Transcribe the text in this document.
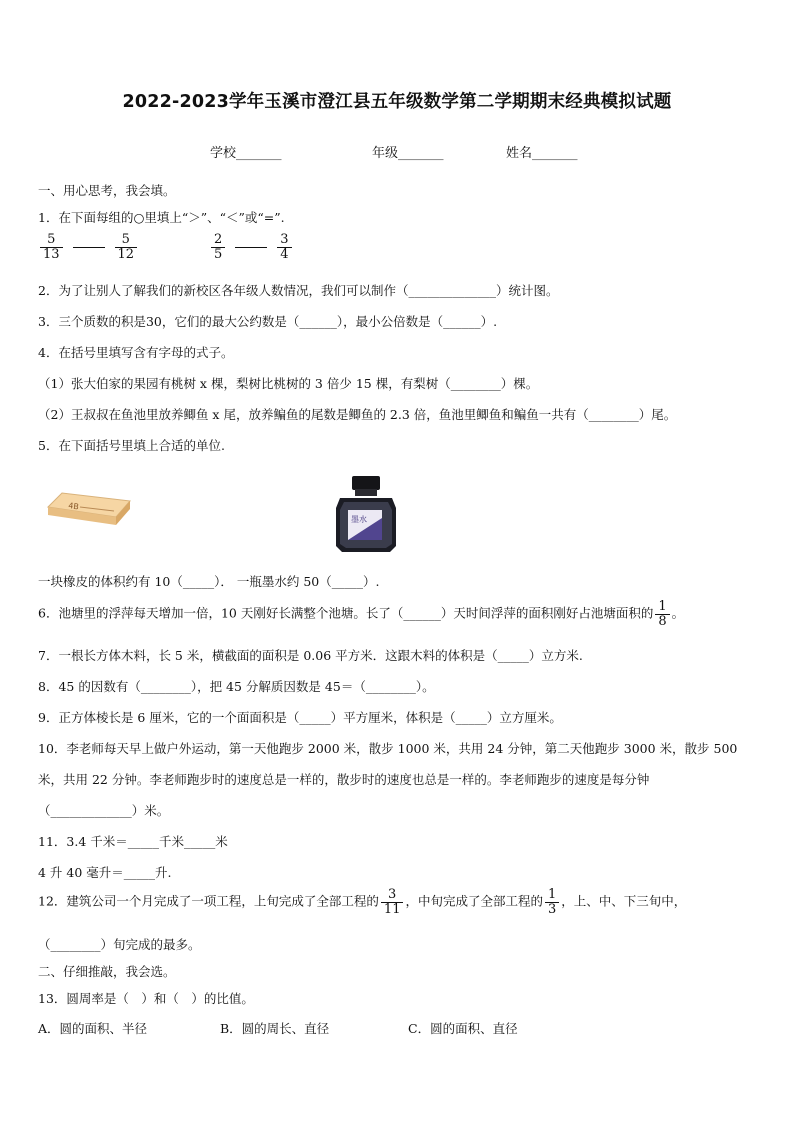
2022-2023学年玉溪市澄江县五年级数学第二学期期末经典模拟试题
学校_______	年级_______	姓名_______
一、用心思考，我会填。
1．在下面每组的○里填上“＞”、“＜”或“=”.
$\frac{5}{13}$
	$\frac{5}{12}$
	$\frac{2}{5}$
	$\frac{3}{4}$
2．为了让别人了解我们的新校区各年级人数情况，我们可以制作（______________）统计图。
3．三个质数的积是30，它们的最大公约数是（______），最小公倍数是（______）.
4．在括号里填写含有字母的式子。
（1）张大伯家的果园有桃树 x 棵，梨树比桃树的 3 倍少 15 棵，有梨树（________）棵。
（2）王叔叔在鱼池里放养鲫鱼 x 尾，放养鳊鱼的尾数是鲫鱼的 2.3 倍，鱼池里鲫鱼和鳊鱼一共有（________）尾。
5．在下面括号里填上合适的单位.
4B
墨水
一块橡皮的体积约有 10（_____）． 一瓶墨水约 50（_____）.
6．池塘里的浮萍每天增加一倍，10 天刚好长满整个池塘。长了（______）天时间浮萍的面积刚好占池塘面积的 $\frac{1}{8}$ 。
7．一根长方体木料，长 5 米，横截面的面积是 0.06 平方米．这跟木料的体积是（_____）立方米.
8．45 的因数有（________），把 45 分解质因数是 45＝（________）。
9．正方体棱长是 6 厘米，它的一个面面积是（_____）平方厘米，体积是（_____）立方厘米。
10．李老师每天早上做户外运动，第一天他跑步 2000 米，散步 1000 米，共用 24 分钟，第二天他跑步 3000 米，散步 500
米，共用 22 分钟。李老师跑步时的速度总是一样的，散步时的速度也总是一样的。李老师跑步的速度是每分钟
（_____________）米。
11．3.4 千米＝_____千米_____米
4 升 40 毫升＝_____升.
12．建筑公司一个月完成了一项工程，上旬完成了全部工程的 $\frac{3}{11}$ ，中旬完成了全部工程的 $\frac{1}{3}$ ，上、中、下三旬中，
（________）旬完成的最多。
二、仔细推敲，我会选。
13．圆周率是（　）和（　）的比值。
A．圆的面积、半径	B．圆的周长、直径	C．圆的面积、直径
